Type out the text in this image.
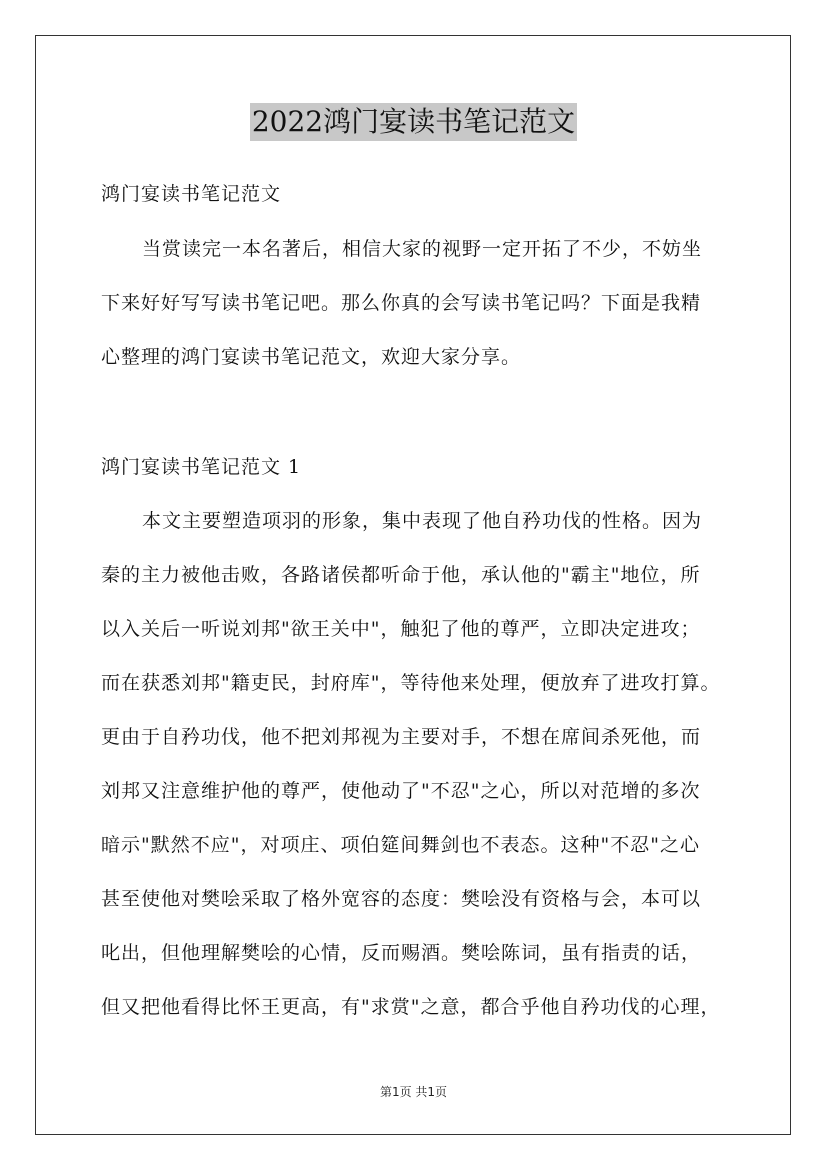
2022鸿门宴读书笔记范文
鸿门宴读书笔记范文
当赏读完一本名著后，相信大家的视野一定开拓了不少，不妨坐
下来好好写写读书笔记吧。那么你真的会写读书笔记吗？下面是我精
心整理的鸿门宴读书笔记范文，欢迎大家分享。
鸿门宴读书笔记范文 1
本文主要塑造项羽的形象，集中表现了他自矜功伐的性格。因为
秦的主力被他击败，各路诸侯都听命于他，承认他的"霸主"地位，所
以入关后一听说刘邦"欲王关中"，触犯了他的尊严，立即决定进攻；
而在获悉刘邦"籍吏民，封府库"，等待他来处理，便放弃了进攻打算。
更由于自矜功伐，他不把刘邦视为主要对手，不想在席间杀死他，而
刘邦又注意维护他的尊严，使他动了"不忍"之心，所以对范增的多次
暗示"默然不应"，对项庄、项伯筵间舞剑也不表态。这种"不忍"之心
甚至使他对樊哙采取了格外宽容的态度：樊哙没有资格与会，本可以
叱出，但他理解樊哙的心情，反而赐酒。樊哙陈词，虽有指责的话，
但又把他看得比怀王更高，有"求赏"之意，都合乎他自矜功伐的心理，
第1页 共1页
